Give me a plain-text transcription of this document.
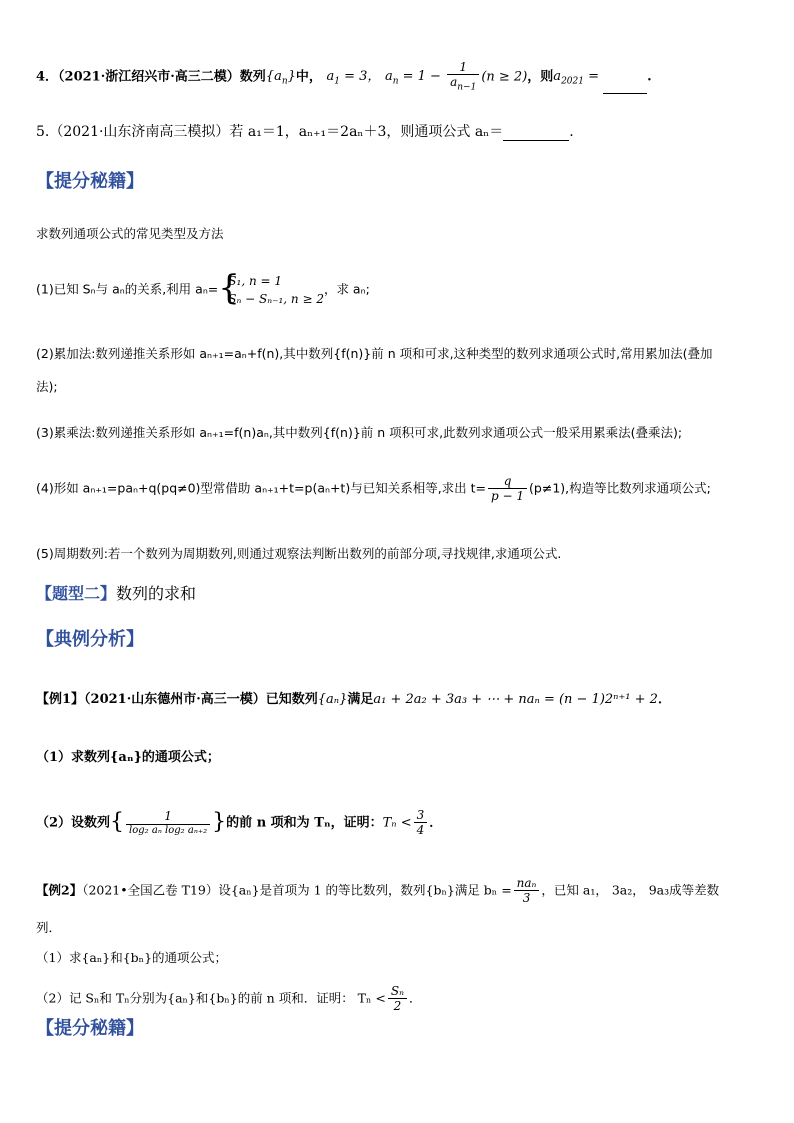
4．（2021·浙江绍兴市·高三二模）数列$\{a_n\}$中， $a_1 = 3$， $a_n = 1 - \frac{1}{a_{n-1}} (n \ge 2)$，则$a_{2021}$ =	.
5.（2021·山东济南高三模拟）若 a₁＝1，aₙ₊₁＝2aₙ＋3，则通项公式 aₙ＝	.
【提分秘籍】
求数列通项公式的常见类型及方法
(1)已知 Sₙ与 aₙ的关系,利用 aₙ=
{ S₁, n = 1
Sₙ − Sₙ₋₁, n ≥ 2
，求 aₙ;
(2)累加法:数列递推关系形如 aₙ₊₁=aₙ+f(n),其中数列{f(n)}前 n 项和可求,这种类型的数列求通项公式时,常用累加法(叠加
法);
(3)累乘法:数列递推关系形如 aₙ₊₁=f(n)aₙ,其中数列{f(n)}前 n 项积可求,此数列求通项公式一般采用累乘法(叠乘法);
(4)形如 aₙ₊₁=paₙ+q(pq≠0)型常借助 aₙ₊₁+t=p(aₙ+t)与已知关系相等,求出 $t= \frac{q}{p - 1} (p\ne 1)$,构造等比数列求通项公式;
(5)周期数列:若一个数列为周期数列,则通过观察法判断出数列的前部分项,寻找规律,求通项公式.
【题型二】数列的求和
【典例分析】
【例1】（2021·山东德州市·高三一模）已知数列{aₙ}满足a₁ + 2a₂ + 3a₃ + ⋯ + naₙ = (n − 1)2ⁿ⁺¹ + 2．
（1）求数列{aₙ}的通项公式；
（2）设数列{ $\frac{1}{\text{log₂ aₙ log₂ aₙ₊₂}}$ }的前 n 项和为 Tₙ，证明：$T_n < \frac{3}{4}$ ．
【例2】（2021•全国乙卷 T19）设{aₙ}是首项为 1 的等比数列，数列{bₙ}满足 $b_n = \frac{\text{naₙ}}{3}$ ，已知 a₁， 3a₂， 9a₃成等差数
列．
（1）求{aₙ}和{bₙ}的通项公式；
（2）记 Sₙ和 Tₙ分别为{aₙ}和{bₙ}的前 n 项和．证明： $T_n < \frac{\text{Sₙ}}{2}$ ．
【提分秘籍】
